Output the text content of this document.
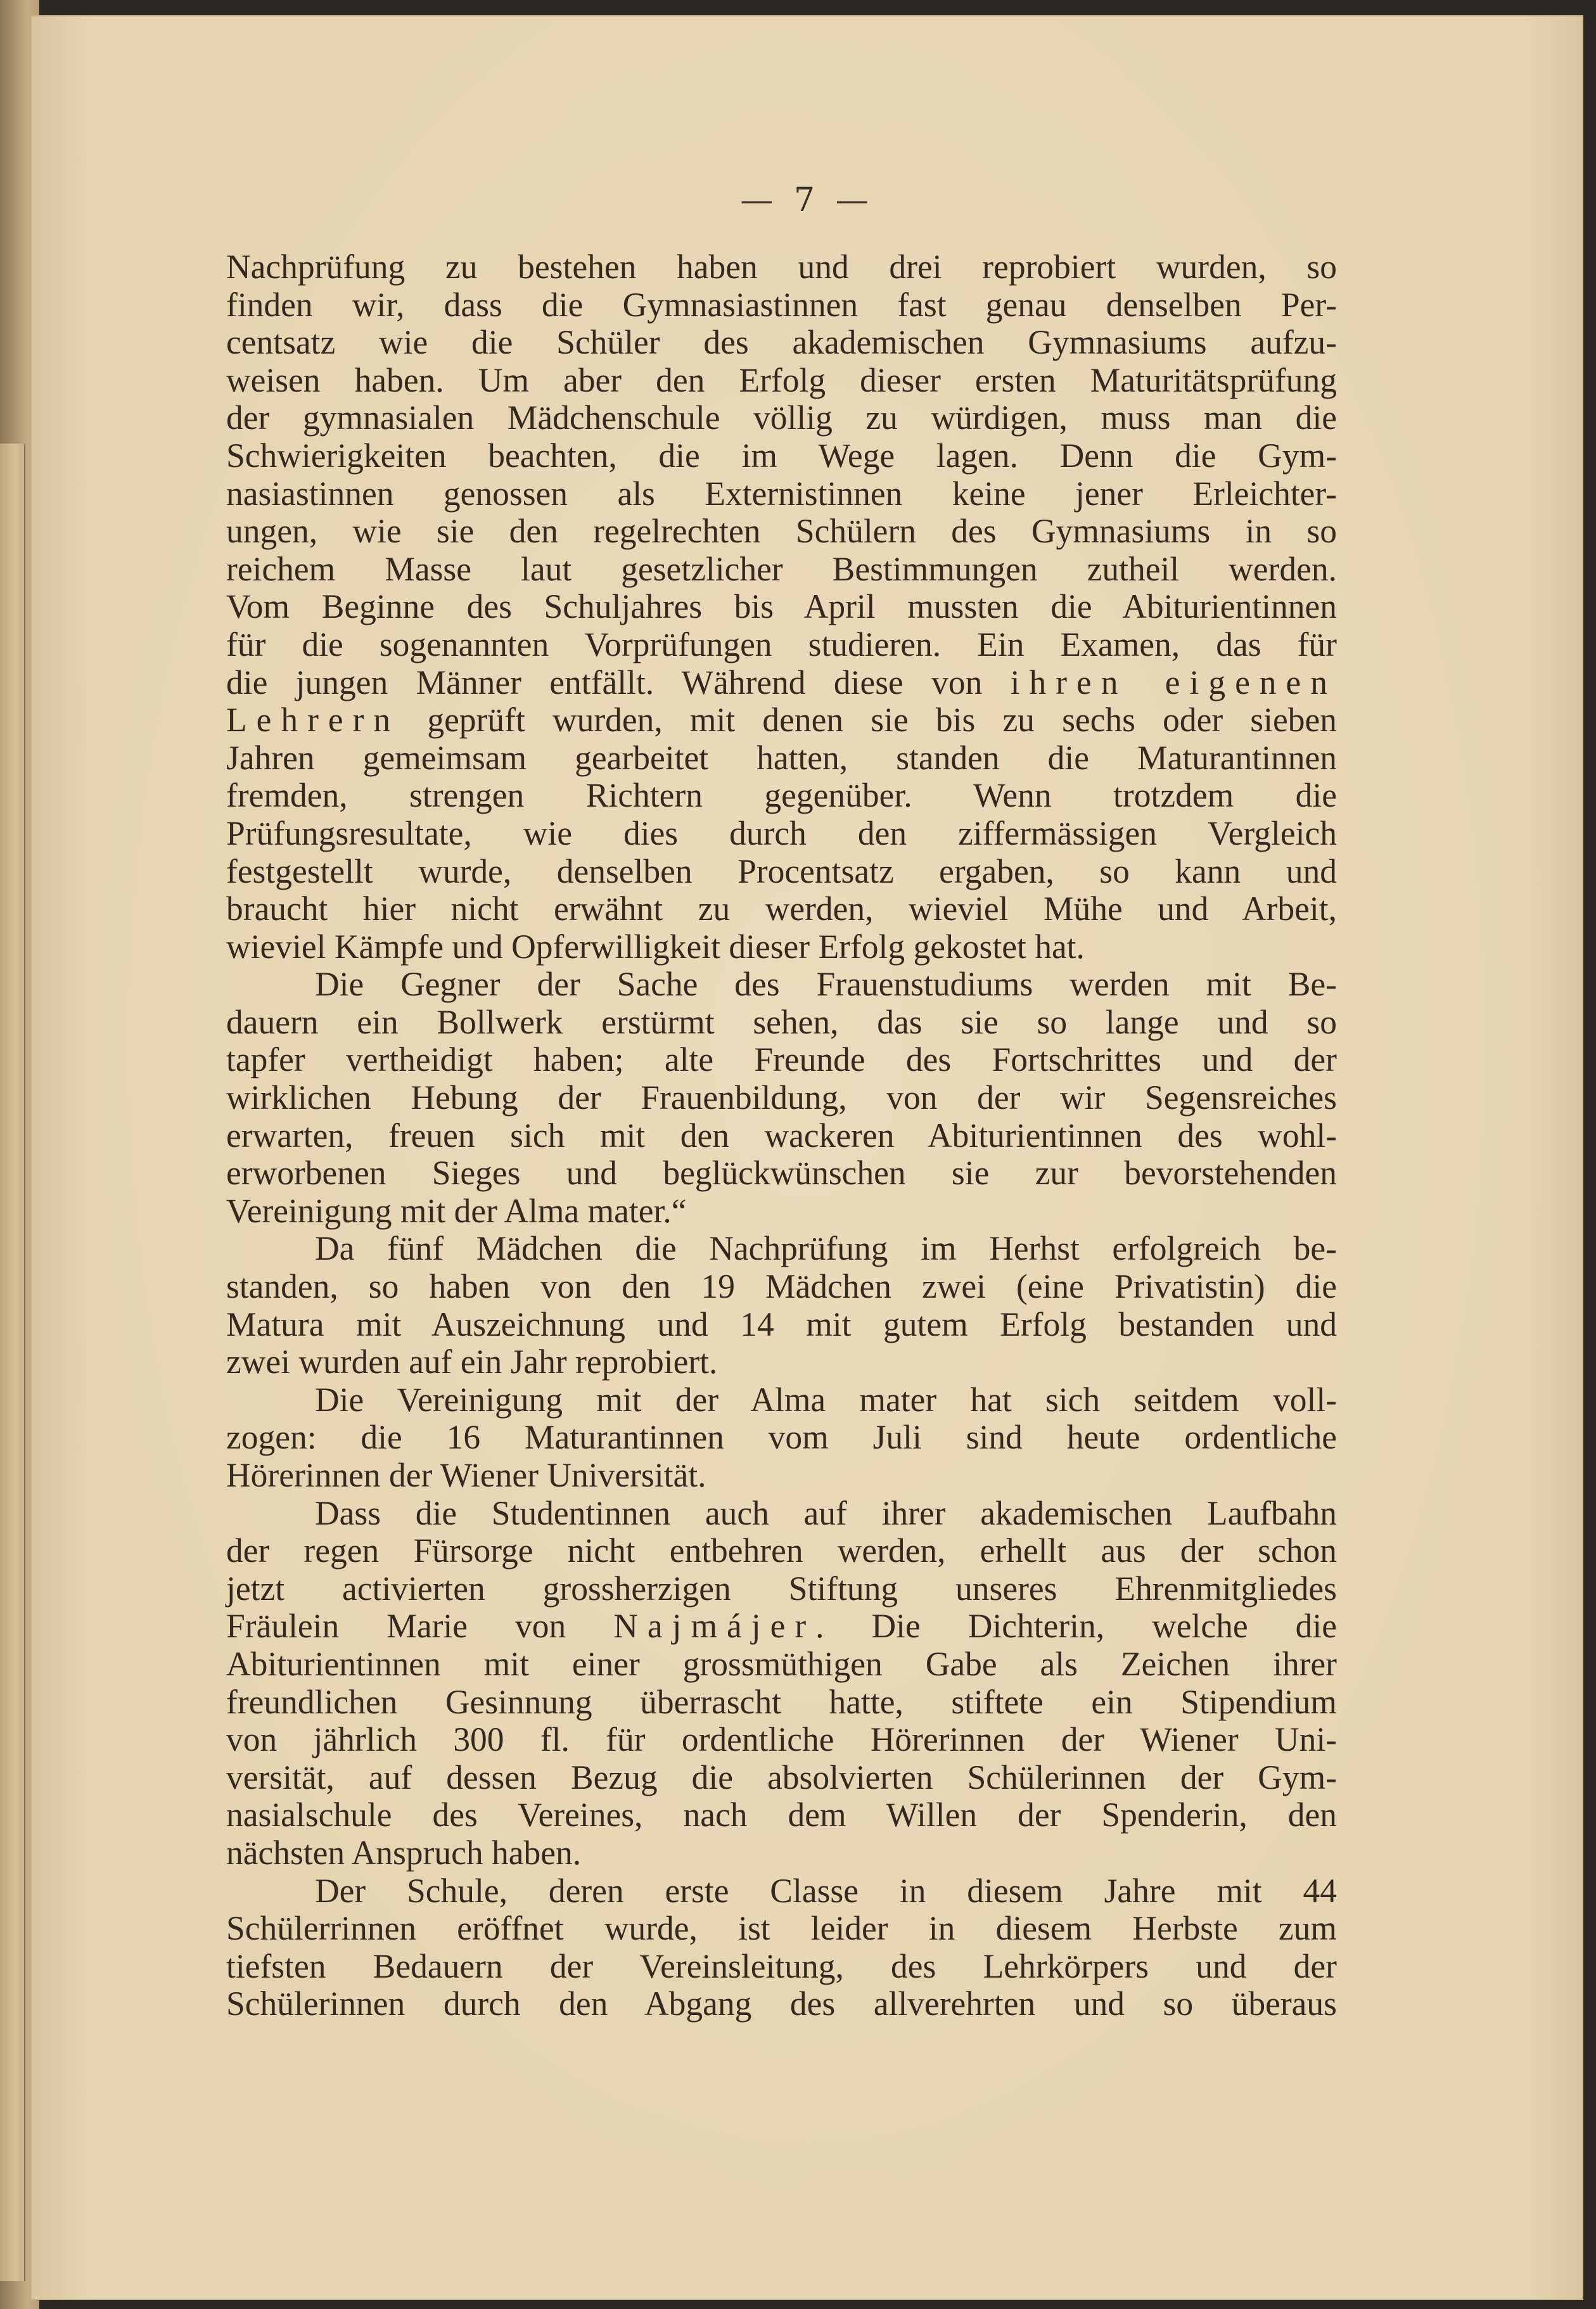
— 7 —
Nachprüfung zu bestehen haben und drei reprobiert wurden, so
finden wir, dass die Gymnasiastinnen fast genau denselben Per-
centsatz wie die Schüler des akademischen Gymnasiums aufzu-
weisen haben. Um aber den Erfolg dieser ersten Maturitätsprüfung
der gymnasialen Mädchenschule völlig zu würdigen, muss man die
Schwierigkeiten beachten, die im Wege lagen. Denn die Gym-
nasiastinnen genossen als Externistinnen keine jener Erleichter-
ungen, wie sie den regelrechten Schülern des Gymnasiums in so
reichem Masse laut gesetzlicher Bestimmungen zutheil werden.
Vom Beginne des Schuljahres bis April mussten die Abiturientinnen
für die sogenannten Vorprüfungen studieren. Ein Examen, das für
die jungen Männer entfällt. Während diese von ihren eigenen
Lehrern geprüft wurden, mit denen sie bis zu sechs oder sieben
Jahren gemeimsam gearbeitet hatten, standen die Maturantinnen
fremden, strengen Richtern gegenüber. Wenn trotzdem die
Prüfungsresultate, wie dies durch den ziffermässigen Vergleich
festgestellt wurde, denselben Procentsatz ergaben, so kann und
braucht hier nicht erwähnt zu werden, wieviel Mühe und Arbeit,
wieviel Kämpfe und Opferwilligkeit dieser Erfolg gekostet hat.
Die Gegner der Sache des Frauenstudiums werden mit Be-
dauern ein Bollwerk erstürmt sehen, das sie so lange und so
tapfer vertheidigt haben; alte Freunde des Fortschrittes und der
wirklichen Hebung der Frauenbildung, von der wir Segensreiches
erwarten, freuen sich mit den wackeren Abiturientinnen des wohl-
erworbenen Sieges und beglückwünschen sie zur bevorstehenden
Vereinigung mit der Alma mater.“
Da fünf Mädchen die Nachprüfung im Herhst erfolgreich be-
standen, so haben von den 19 Mädchen zwei (eine Privatistin) die
Matura mit Auszeichnung und 14 mit gutem Erfolg bestanden und
zwei wurden auf ein Jahr reprobiert.
Die Vereinigung mit der Alma mater hat sich seitdem voll-
zogen: die 16 Maturantinnen vom Juli sind heute ordentliche
Hörerinnen der Wiener Universität.
Dass die Studentinnen auch auf ihrer akademischen Laufbahn
der regen Fürsorge nicht entbehren werden, erhellt aus der schon
jetzt activierten grossherzigen Stiftung unseres Ehrenmitgliedes
Fräulein Marie von Najmájer. Die Dichterin, welche die
Abiturientinnen mit einer grossmüthigen Gabe als Zeichen ihrer
freundlichen Gesinnung überrascht hatte, stiftete ein Stipendium
von jährlich 300 fl. für ordentliche Hörerinnen der Wiener Uni-
versität, auf dessen Bezug die absolvierten Schülerinnen der Gym-
nasialschule des Vereines, nach dem Willen der Spenderin, den
nächsten Anspruch haben.
Der Schule, deren erste Classe in diesem Jahre mit 44
Schülerrinnen eröffnet wurde, ist leider in diesem Herbste zum
tiefsten Bedauern der Vereinsleitung, des Lehrkörpers und der
Schülerinnen durch den Abgang des allverehrten und so überaus
